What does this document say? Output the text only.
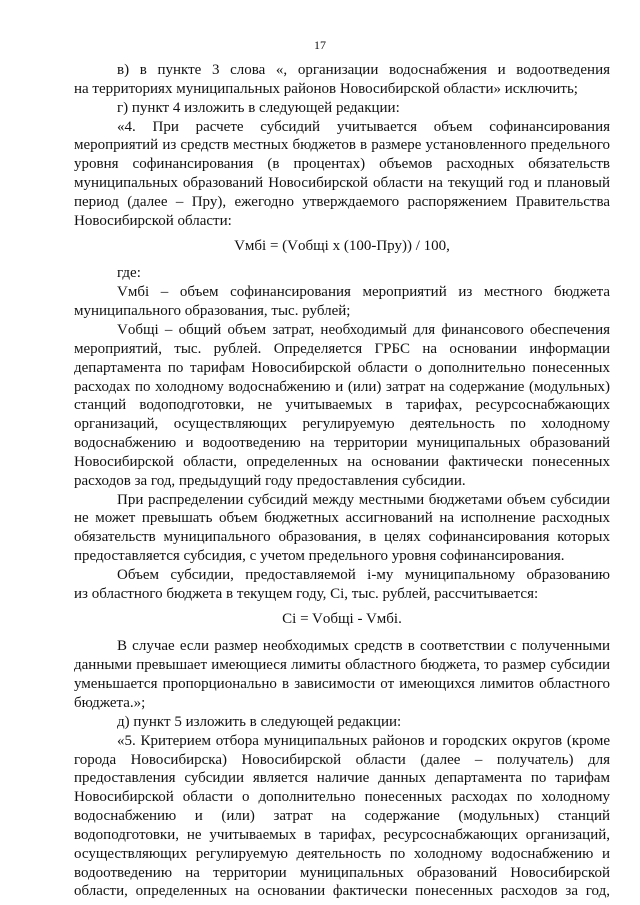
17

в) в пункте 3 слова «, организации водоснабжения и водоотведения
на территориях муниципальных районов Новосибирской области» исключить;

г) пункт 4 изложить в следующей редакции:

«4. При расчете субсидий учитывается объем софинансирования
мероприятий из средств местных бюджетов в размере установленного предельного
уровня софинансирования (в процентах) объемов расходных обязательств
муниципальных образований Новосибирской области на текущий год и плановый
период (далее – Пру), ежегодно утверждаемого распоряжением Правительства
Новосибирской области:

Vмбi = (Vобщi x (100-Пру)) / 100,

где:

Vмбi – объем софинансирования мероприятий из местного бюджета
муниципального образования, тыс. рублей;

Vобщi – общий объем затрат, необходимый для финансового обеспечения
мероприятий, тыс. рублей. Определяется ГРБС на основании информации
департамента по тарифам Новосибирской области о дополнительно понесенных
расходах по холодному водоснабжению и (или) затрат на содержание (модульных)
станций водоподготовки, не учитываемых в тарифах, ресурсоснабжающих
организаций, осуществляющих регулируемую деятельность по холодному
водоснабжению и водоотведению на территории муниципальных образований
Новосибирской области, определенных на основании фактически понесенных
расходов за год, предыдущий году предоставления субсидии.

При распределении субсидий между местными бюджетами объем субсидии
не может превышать объем бюджетных ассигнований на исполнение расходных
обязательств муниципального образования, в целях софинансирования которых
предоставляется субсидия, с учетом предельного уровня софинансирования.

Объем субсидии, предоставляемой i-му муниципальному образованию
из областного бюджета в текущем году, Ci, тыс. рублей, рассчитывается:

Ci = Vобщi - Vмбi.

В случае если размер необходимых средств в соответствии с полученными
данными превышает имеющиеся лимиты областного бюджета, то размер субсидии
уменьшается пропорционально в зависимости от имеющихся лимитов областного
бюджета.»;

д) пункт 5 изложить в следующей редакции:

«5. Критерием отбора муниципальных районов и городских округов (кроме
города Новосибирска) Новосибирской области (далее – получатель) для
предоставления субсидии является наличие данных департамента по тарифам
Новосибирской области о дополнительно понесенных расходах по холодному
водоснабжению и (или) затрат на содержание (модульных) станций
водоподготовки, не учитываемых в тарифах, ресурсоснабжающих организаций,
осуществляющих регулируемую деятельность по холодному водоснабжению и
водоотведению на территории муниципальных образований Новосибирской
области, определенных на основании фактически понесенных расходов за год,
